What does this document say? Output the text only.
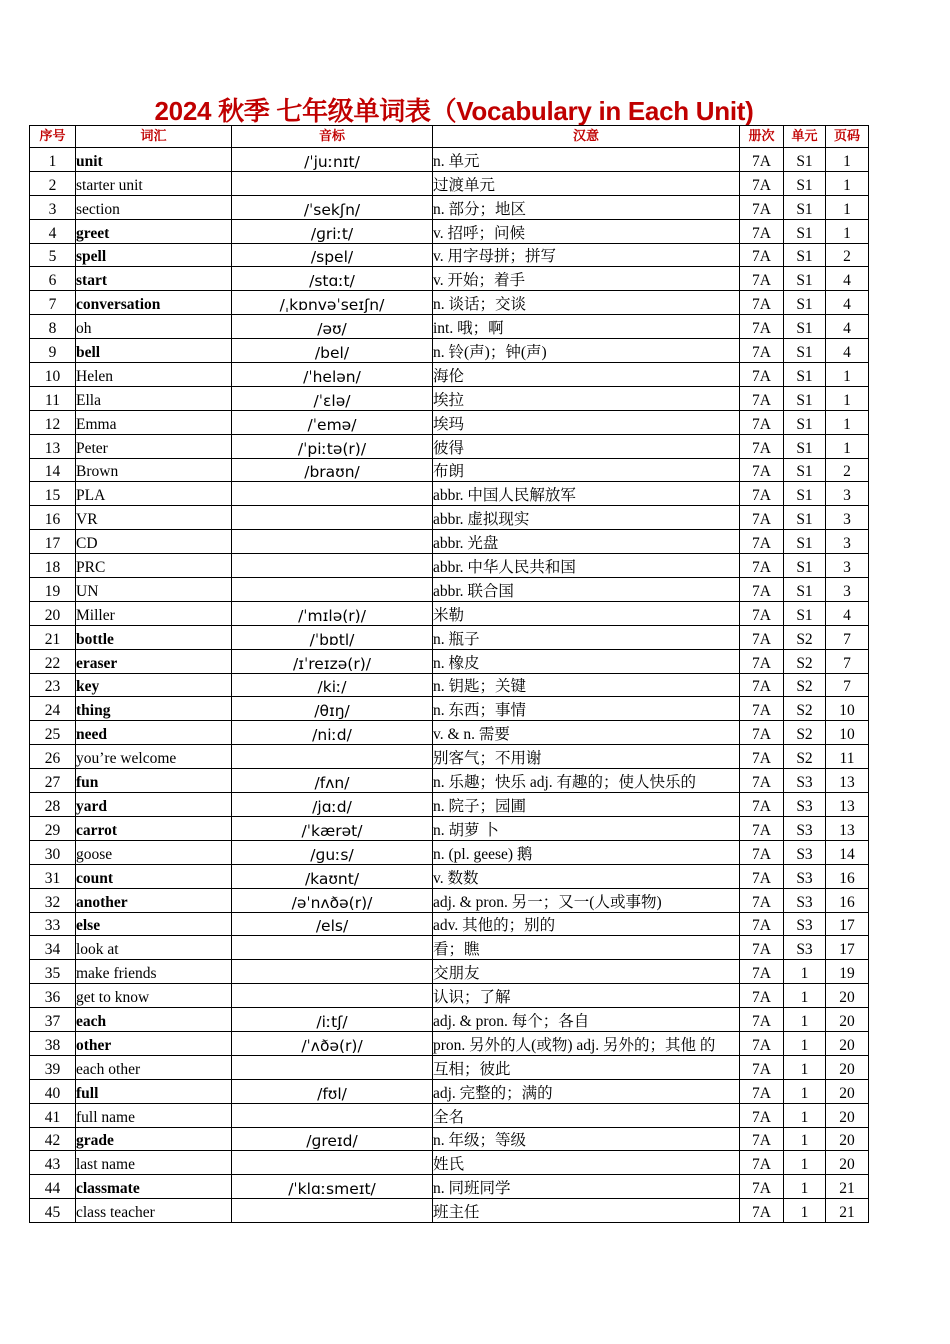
2024 秋季 七年级单词表（Vocabulary in Each Unit)
序号	词汇	音标	汉意	册次	单元	页码
1	unit	/ˈjuːnɪt/	n. 单元	7A	S1	1
2	starter unit		过渡单元	7A	S1	1
3	section	/ˈsekʃn/	n. 部分；地区	7A	S1	1
4	greet	/ɡriːt/	v. 招呼；问候	7A	S1	1
5	spell	/spel/	v. 用字母拼；拼写	7A	S1	2
6	start	/stɑːt/	v. 开始；着手	7A	S1	4
7	conversation	/ˌkɒnvəˈseɪʃn/	n. 谈话；交谈	7A	S1	4
8	oh	/əʊ/	int. 哦；啊	7A	S1	4
9	bell	/bel/	n. 铃(声)；钟(声)	7A	S1	4
10	Helen	/ˈhelən/	海伦	7A	S1	1
11	Ella	/ˈɛlə/	埃拉	7A	S1	1
12	Emma	/ˈemə/	埃玛	7A	S1	1
13	Peter	/ˈpiːtə(r)/	彼得	7A	S1	1
14	Brown	/braʊn/	布朗	7A	S1	2
15	PLA		abbr. 中国人民解放军	7A	S1	3
16	VR		abbr. 虚拟现实	7A	S1	3
17	CD		abbr. 光盘	7A	S1	3
18	PRC		abbr. 中华人民共和国	7A	S1	3
19	UN		abbr. 联合国	7A	S1	3
20	Miller	/ˈmɪlə(r)/	米勒	7A	S1	4
21	bottle	/ˈbɒtl/	n. 瓶子	7A	S2	7
22	eraser	/ɪˈreɪzə(r)/	n. 橡皮	7A	S2	7
23	key	/kiː/	n. 钥匙；关键	7A	S2	7
24	thing	/θɪŋ/	n. 东西；事情	7A	S2	10
25	need	/niːd/	v. & n. 需要	7A	S2	10
26	you’re welcome		别客气；不用谢	7A	S2	11
27	fun	/fʌn/	n. 乐趣；快乐 adj. 有趣的；使人快乐的	7A	S3	13
28	yard	/jɑːd/	n. 院子；园圃	7A	S3	13
29	carrot	/ˈkærət/	n. 胡萝 卜	7A	S3	13
30	goose	/ɡuːs/	n. (pl. geese) 鹅	7A	S3	14
31	count	/kaʊnt/	v. 数数	7A	S3	16
32	another	/əˈnʌðə(r)/	adj. & pron. 另一；又一(人或事物)	7A	S3	16
33	else	/els/	adv. 其他的；别的	7A	S3	17
34	look at		看；瞧	7A	S3	17
35	make friends		交朋友	7A	1	19
36	get to know		认识；了解	7A	1	20
37	each	/iːtʃ/	adj. & pron. 每个；各自	7A	1	20
38	other	/ˈʌðə(r)/	pron. 另外的人(或物) adj. 另外的；其他 的	7A	1	20
39	each other		互相；彼此	7A	1	20
40	full	/fʊl/	adj. 完整的；满的	7A	1	20
41	full name		全名	7A	1	20
42	grade	/ɡreɪd/	n. 年级；等级	7A	1	20
43	last name		姓氏	7A	1	20
44	classmate	/ˈklɑːsmeɪt/	n. 同班同学	7A	1	21
45	class teacher		班主任	7A	1	21
